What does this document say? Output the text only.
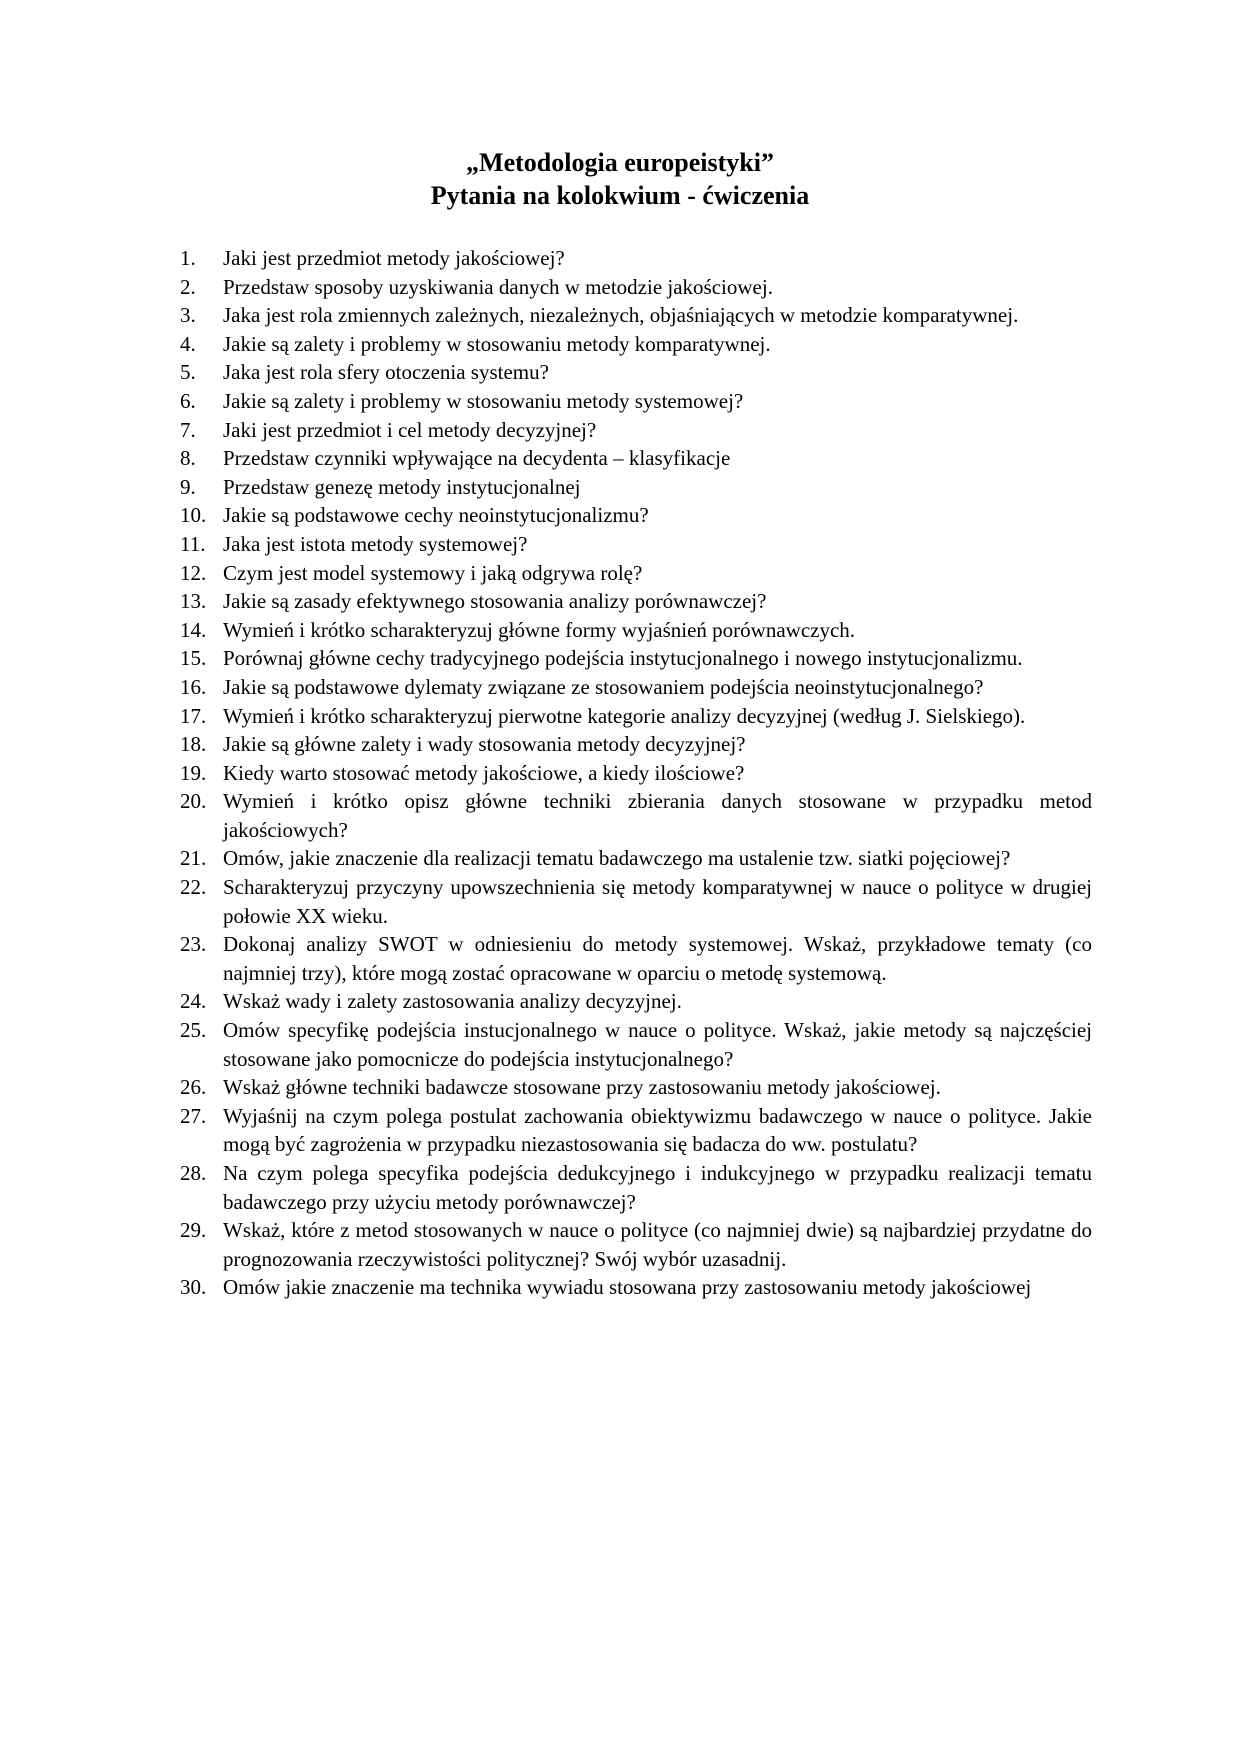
„Metodologia europeistyki”
Pytania na kolokwium - ćwiczenia
1.	Jaki jest przedmiot metody jakościowej?
2.	Przedstaw sposoby uzyskiwania danych w metodzie jakościowej.
3.	Jaka jest rola zmiennych zależnych, niezależnych, objaśniających w metodzie komparatywnej.
4.	Jakie są zalety i problemy w stosowaniu metody komparatywnej.
5.	Jaka jest rola sfery otoczenia systemu?
6.	Jakie są zalety i problemy w stosowaniu metody systemowej?
7.	Jaki jest przedmiot i cel metody decyzyjnej?
8.	Przedstaw czynniki wpływające na decydenta – klasyfikacje
9.	Przedstaw genezę metody instytucjonalnej
10. Jakie są podstawowe cechy neoinstytucjonalizmu?
11. Jaka jest istota metody systemowej?
12. Czym jest model systemowy i jaką odgrywa rolę?
13. Jakie są zasady efektywnego stosowania analizy porównawczej?
14. Wymień i krótko scharakteryzuj główne formy wyjaśnień porównawczych.
15. Porównaj główne cechy tradycyjnego podejścia instytucjonalnego i nowego instytucjonalizmu.
16. Jakie są podstawowe dylematy związane ze stosowaniem podejścia neoinstytucjonalnego?
17. Wymień i krótko scharakteryzuj pierwotne kategorie analizy decyzyjnej (według J. Sielskiego).
18. Jakie są główne zalety i wady stosowania metody decyzyjnej?
19. Kiedy warto stosować metody jakościowe, a kiedy ilościowe?
20. Wymień i krótko opisz główne techniki zbierania danych stosowane w przypadku metod jakościowych?
21. Omów, jakie znaczenie dla realizacji tematu badawczego ma ustalenie tzw. siatki pojęciowej?
22. Scharakteryzuj przyczyny upowszechnienia się metody komparatywnej w nauce o polityce w drugiej połowie XX wieku.
23. Dokonaj analizy SWOT w odniesieniu do metody systemowej. Wskaż, przykładowe tematy (co najmniej trzy), które mogą zostać opracowane w oparciu o metodę systemową.
24. Wskaż wady i zalety zastosowania analizy decyzyjnej.
25. Omów specyfikę podejścia instucjonalnego w nauce o polityce. Wskaż, jakie metody są najczęściej stosowane jako pomocnicze do podejścia instytucjonalnego?
26. Wskaż główne techniki badawcze stosowane przy zastosowaniu metody jakościowej.
27. Wyjaśnij na czym polega postulat zachowania obiektywizmu badawczego w nauce o polityce. Jakie mogą być zagrożenia w przypadku niezastosowania się badacza do ww. postulatu?
28. Na czym polega specyfika podejścia dedukcyjnego i indukcyjnego w przypadku realizacji tematu badawczego przy użyciu metody porównawczej?
29. Wskaż, które z metod stosowanych w nauce o polityce (co najmniej dwie) są najbardziej przydatne do prognozowania rzeczywistości politycznej? Swój wybór uzasadnij.
30. Omów jakie znaczenie ma technika wywiadu stosowana przy zastosowaniu metody jakościowej
